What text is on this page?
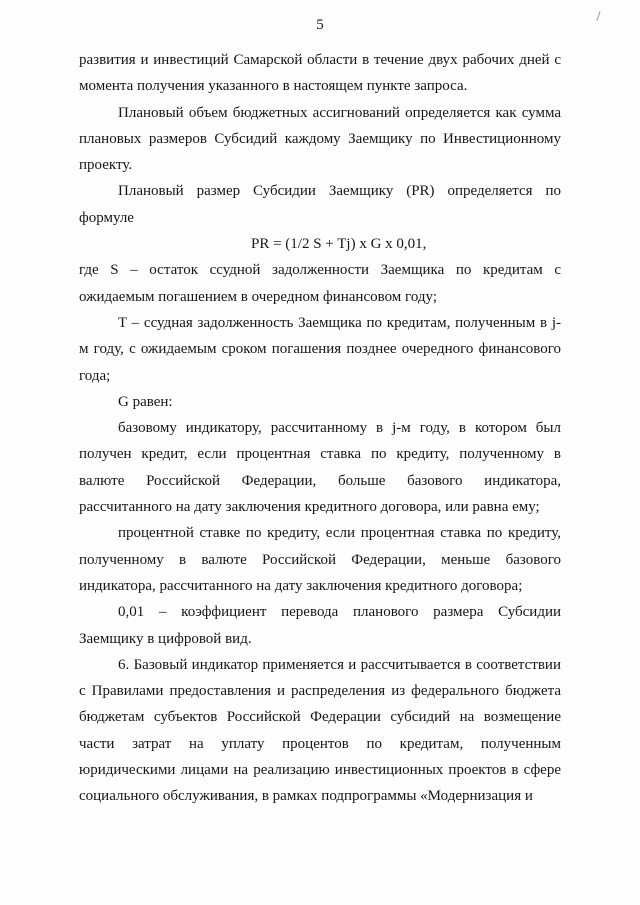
5

развития и инвестиций Самарской области в течение двух рабочих дней с момента получения указанного в настоящем пункте запроса.

Плановый объем бюджетных ассигнований определяется как сумма плановых размеров Субсидий каждому Заемщику по Инвестиционному проекту.

Плановый размер Субсидии Заемщику (PR) определяется по формуле

PR = (1/2 S + Tj) x G x 0,01,

где S – остаток ссудной задолженности Заемщика по кредитам с ожидаемым погашением в очередном финансовом году;

T – ссудная задолженность Заемщика по кредитам, полученным в j-м году, с ожидаемым сроком погашения позднее очередного финансового года;

G равен:

базовому индикатору, рассчитанному в j-м году, в котором был получен кредит, если процентная ставка по кредиту, полученному в валюте Российской Федерации, больше базового индикатора, рассчитанного на дату заключения кредитного договора, или равна ему;

процентной ставке по кредиту, если процентная ставка по кредиту, полученному в валюте Российской Федерации, меньше базового индикатора, рассчитанного на дату заключения кредитного договора;

0,01 – коэффициент перевода планового размера Субсидии Заемщику в цифровой вид.

6. Базовый индикатор применяется и рассчитывается в соответствии с Правилами предоставления и распределения из федерального бюджета бюджетам субъектов Российской Федерации субсидий на возмещение части затрат на уплату процентов по кредитам, полученным юридическими лицами на реализацию инвестиционных проектов в сфере социального обслуживания, в рамках подпрограммы «Модернизация и
